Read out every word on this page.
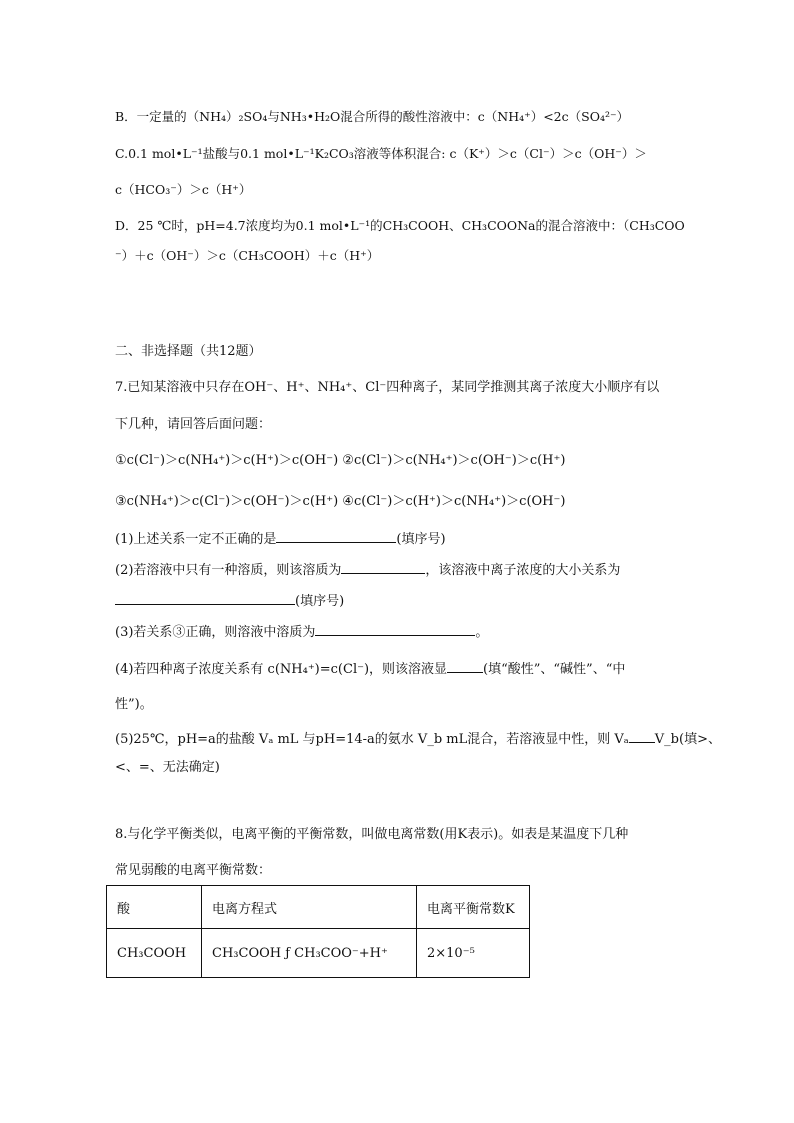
B．一定量的（NH₄）₂SO₄与NH₃•H₂O混合所得的酸性溶液中：c（NH₄⁺）<2c（SO₄²⁻）
C.0.1 mol•L⁻¹盐酸与0.1 mol•L⁻¹K₂CO₃溶液等体积混合: c（K⁺）＞c（Cl⁻）＞c（OH⁻）＞
c（HCO₃⁻）＞c（H⁺）
D．25 ℃时，pH=4.7浓度均为0.1 mol•L⁻¹的CH₃COOH、CH₃COONa的混合溶液中：（CH₃COO
⁻）＋c（OH⁻）＞c（CH₃COOH）＋c（H⁺）
二、非选择题（共12题）
7.已知某溶液中只存在OH⁻、H⁺、NH₄⁺、Cl⁻四种离子，某同学推测其离子浓度大小顺序有以
下几种，请回答后面问题：
①c(Cl⁻)＞c(NH₄⁺)＞c(H⁺)＞c(OH⁻) ②c(Cl⁻)＞c(NH₄⁺)＞c(OH⁻)＞c(H⁺)
③c(NH₄⁺)＞c(Cl⁻)＞c(OH⁻)＞c(H⁺) ④c(Cl⁻)＞c(H⁺)＞c(NH₄⁺)＞c(OH⁻)
(1)上述关系一定不正确的是	(填序号)
(2)若溶液中只有一种溶质，则该溶质为	，该溶液中离子浓度的大小关系为
(填序号)
(3)若关系③正确，则溶液中溶质为	。
(4)若四种离子浓度关系有 c(NH₄⁺)=c(Cl⁻)，则该溶液显	(填“酸性”、“碱性”、“中
性”)。
(5)25℃，pH=a的盐酸 Vₐ mL 与pH=14-a的氨水 V_b mL混合，若溶液显中性，则 Vₐ V_b(填>、
<、=、无法确定)
8.与化学平衡类似，电离平衡的平衡常数，叫做电离常数(用K表示)。如表是某温度下几种
常见弱酸的电离平衡常数：
酸	电离方程式	电离平衡常数K
CH₃COOH	CH₃COOH ƒ CH₃COO⁻+H⁺	2×10⁻⁵
